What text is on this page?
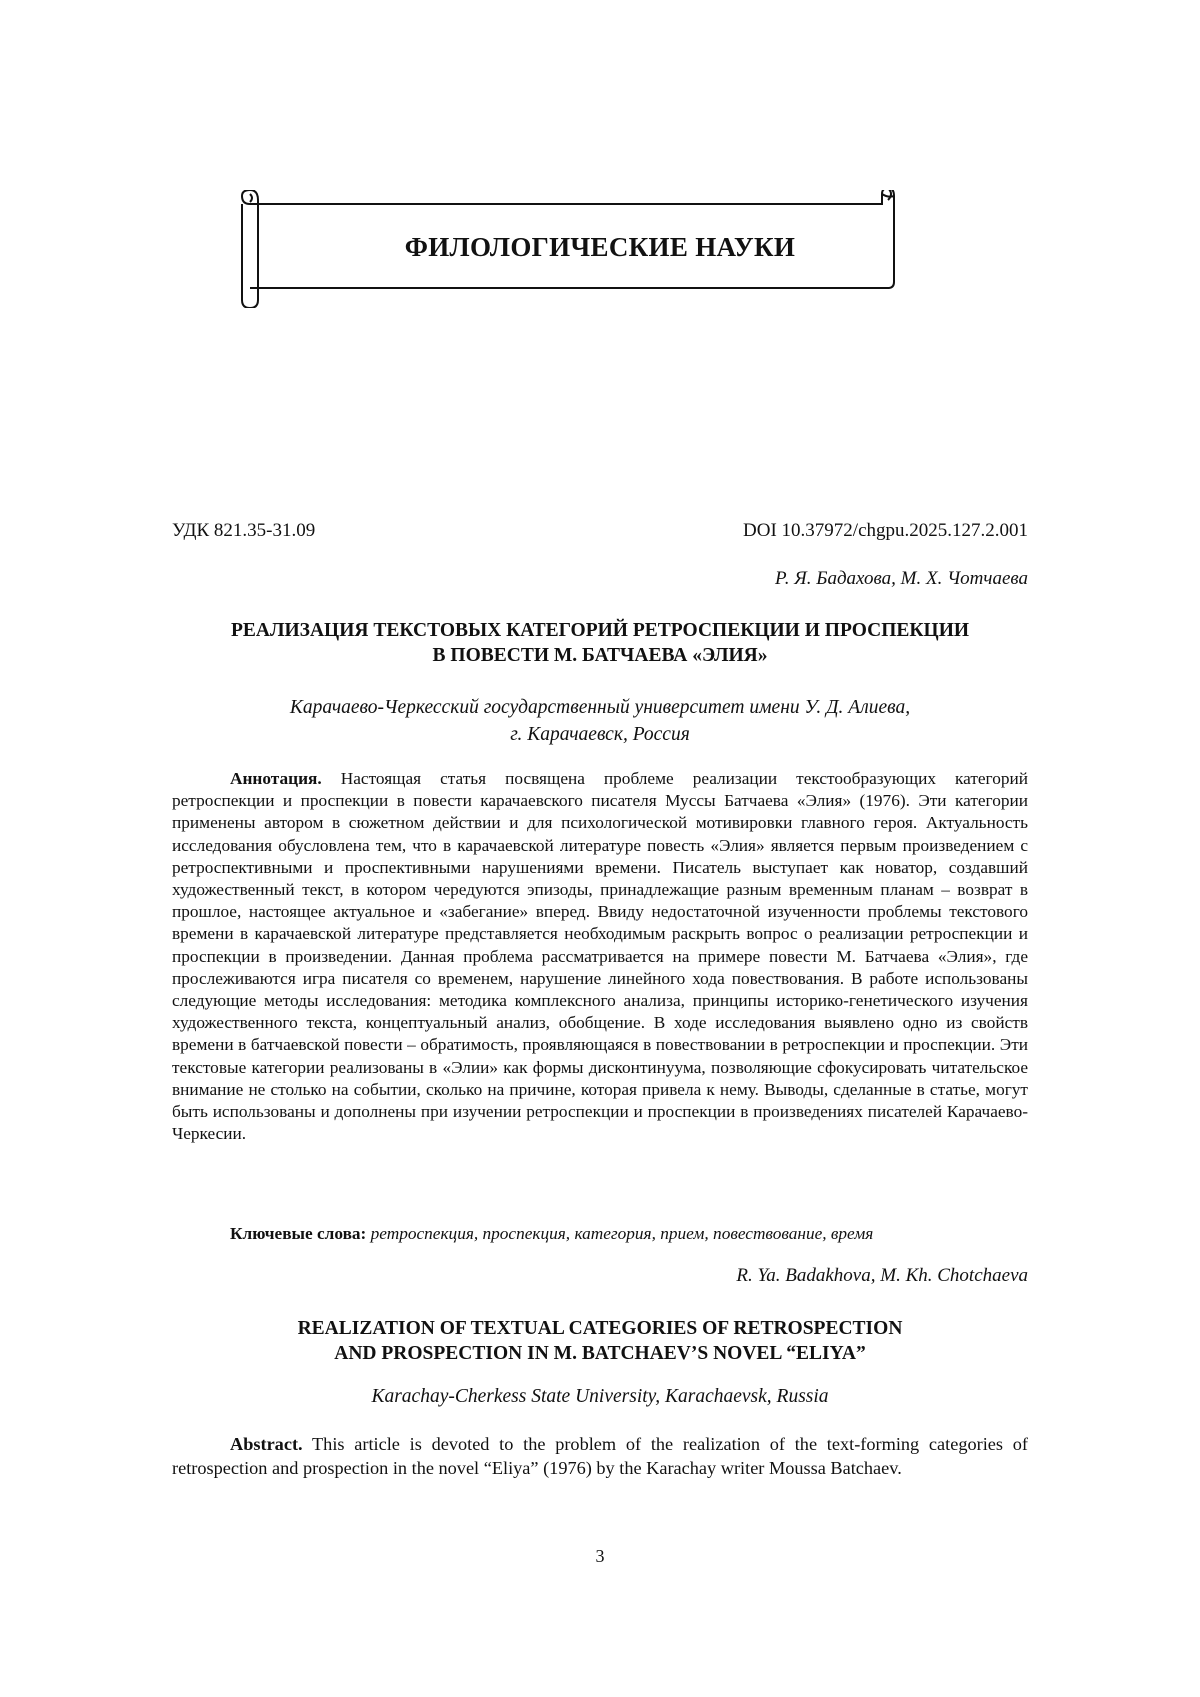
ФИЛОЛОГИЧЕСКИЕ НАУКИ
УДК 821.35-31.09	DOI 10.37972/chgpu.2025.127.2.001
Р. Я. Бадахова, М. Х. Чотчаева
РЕАЛИЗАЦИЯ ТЕКСТОВЫХ КАТЕГОРИЙ РЕТРОСПЕКЦИИ И ПРОСПЕКЦИИ
В ПОВЕСТИ М. БАТЧАЕВА «ЭЛИЯ»
Карачаево-Черкесский государственный университет имени У. Д. Алиева,
г. Карачаевск, Россия
Аннотация. Настоящая статья посвящена проблеме реализации текстообразующих категорий ретроспекции и проспекции в повести карачаевского писателя Муссы Батчаева «Элия» (1976). Эти категории применены автором в сюжетном действии и для психологической мотивировки главного героя. Актуальность исследования обусловлена тем, что в карачаевской литературе повесть «Элия» является первым произведением с ретроспективными и проспективными нарушениями времени. Писатель выступает как новатор, создавший художественный текст, в котором чередуются эпизоды, принадлежащие разным временным планам – возврат в прошлое, настоящее актуальное и «забегание» вперед. Ввиду недостаточной изученности проблемы текстового времени в карачаевской литературе представляется необходимым раскрыть вопрос о реализации ретроспекции и проспекции в произведении. Данная проблема рассматривается на примере повести М. Батчаева «Элия», где прослеживаются игра писателя со временем, нарушение линейного хода повествования. В работе использованы следующие методы исследования: методика комплексного анализа, принципы историко-генетического изучения художественного текста, концептуальный анализ, обобщение. В ходе исследования выявлено одно из свойств времени в батчаевской повести – обратимость, проявляющаяся в повествовании в ретроспекции и проспекции. Эти текстовые категории реализованы в «Элии» как формы дисконтинуума, позволяющие сфокусировать читательское внимание не столько на событии, сколько на причине, которая привела к нему. Выводы, сделанные в статье, могут быть использованы и дополнены при изучении ретроспекции и проспекции в произведениях писателей Карачаево-Черкесии.
Ключевые слова: ретроспекция, проспекция, категория, прием, повествование, время
R. Ya. Badakhova, M. Kh. Chotchaeva
REALIZATION OF TEXTUAL CATEGORIES OF RETROSPECTION
AND PROSPECTION IN M. BATCHAEV’S NOVEL “ELIYA”
Karachay-Cherkess State University, Karachaevsk, Russia
Abstract. This article is devoted to the problem of the realization of the text-forming categories of retrospection and prospection in the novel “Eliya” (1976) by the Karachay writer Moussa Batchaev.
3
